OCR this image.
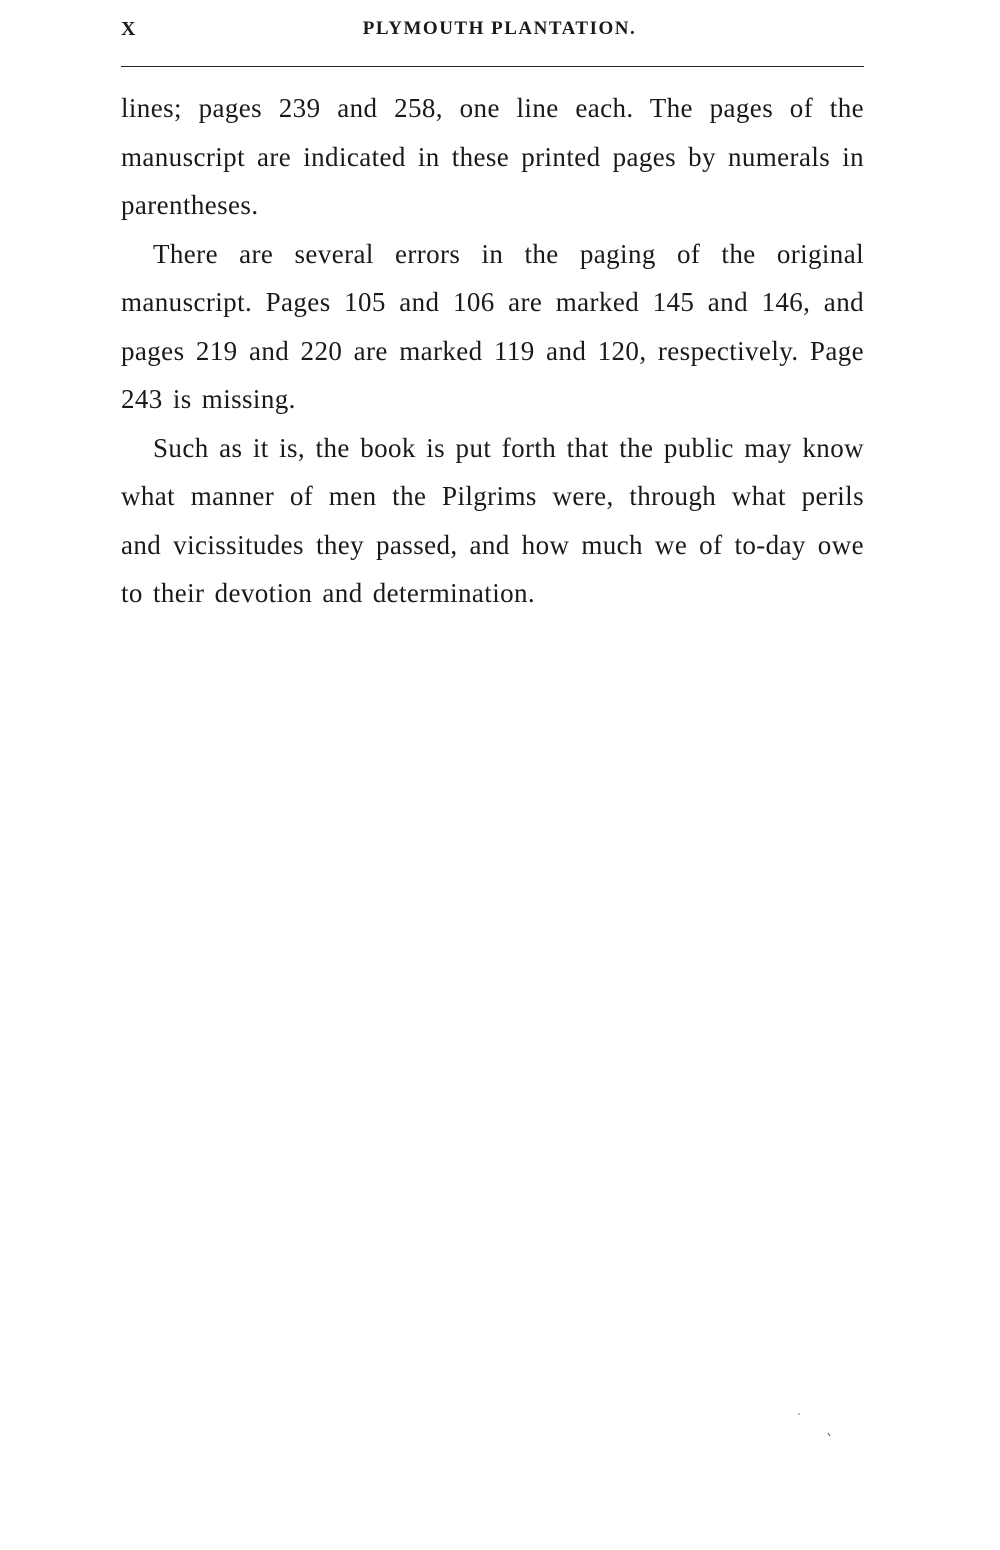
X	PLYMOUTH PLANTATION.

lines; pages 239 and 258, one line each. The pages of the manuscript are indicated in these printed pages by numerals in parentheses.

There are several errors in the paging of the original manuscript. Pages 105 and 106 are marked 145 and 146, and pages 219 and 220 are marked 119 and 120, respectively. Page 243 is missing.

Such as it is, the book is put forth that the public may know what manner of men the Pilgrims were, through what perils and vicissitudes they passed, and how much we of to-day owe to their devotion and determination.
